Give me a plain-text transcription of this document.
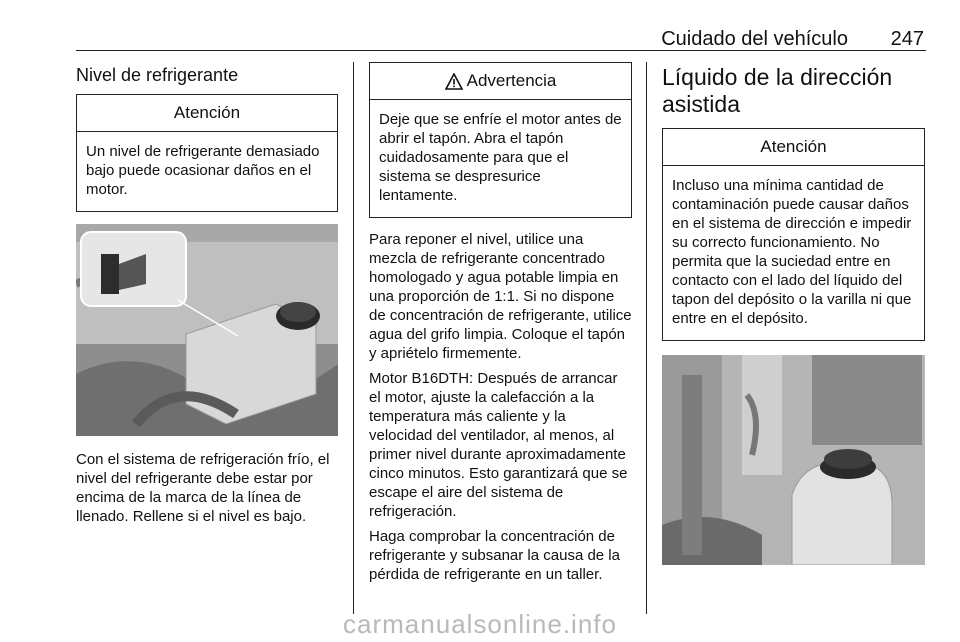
Cuidado del vehículo 247
Nivel de refrigerante
Atención
Un nivel de refrigerante demasiado bajo puede ocasionar daños en el motor.
Con el sistema de refrigeración frío, el nivel del refrigerante debe estar por encima de la marca de la línea de llenado. Rellene si el nivel es bajo.
Advertencia
Deje que se enfríe el motor antes de abrir el tapón. Abra el tapón cuidadosamente para que el sistema se despresurice lentamente.
Para reponer el nivel, utilice una mezcla de refrigerante concentrado homologado y agua potable limpia en una proporción de 1:1. Si no dispone de concentración de refrigerante, utilice agua del grifo limpia. Coloque el tapón y apriételo firmemente.
Motor B16DTH: Después de arrancar el motor, ajuste la calefacción a la temperatura más caliente y la velocidad del ventilador, al menos, al primer nivel durante aproximadamente cinco minutos. Esto garantizará que se escape el aire del sistema de refrigeración.
Haga comprobar la concentración de refrigerante y subsanar la causa de la pérdida de refrigerante en un taller.
Líquido de la dirección asistida
Atención
Incluso una mínima cantidad de contaminación puede causar daños en el sistema de dirección e impedir su correcto funcionamiento. No permita que la suciedad entre en contacto con el lado del líquido del tapon del depósito o la varilla ni que entre en el depósito.
carmanualsonline.info
